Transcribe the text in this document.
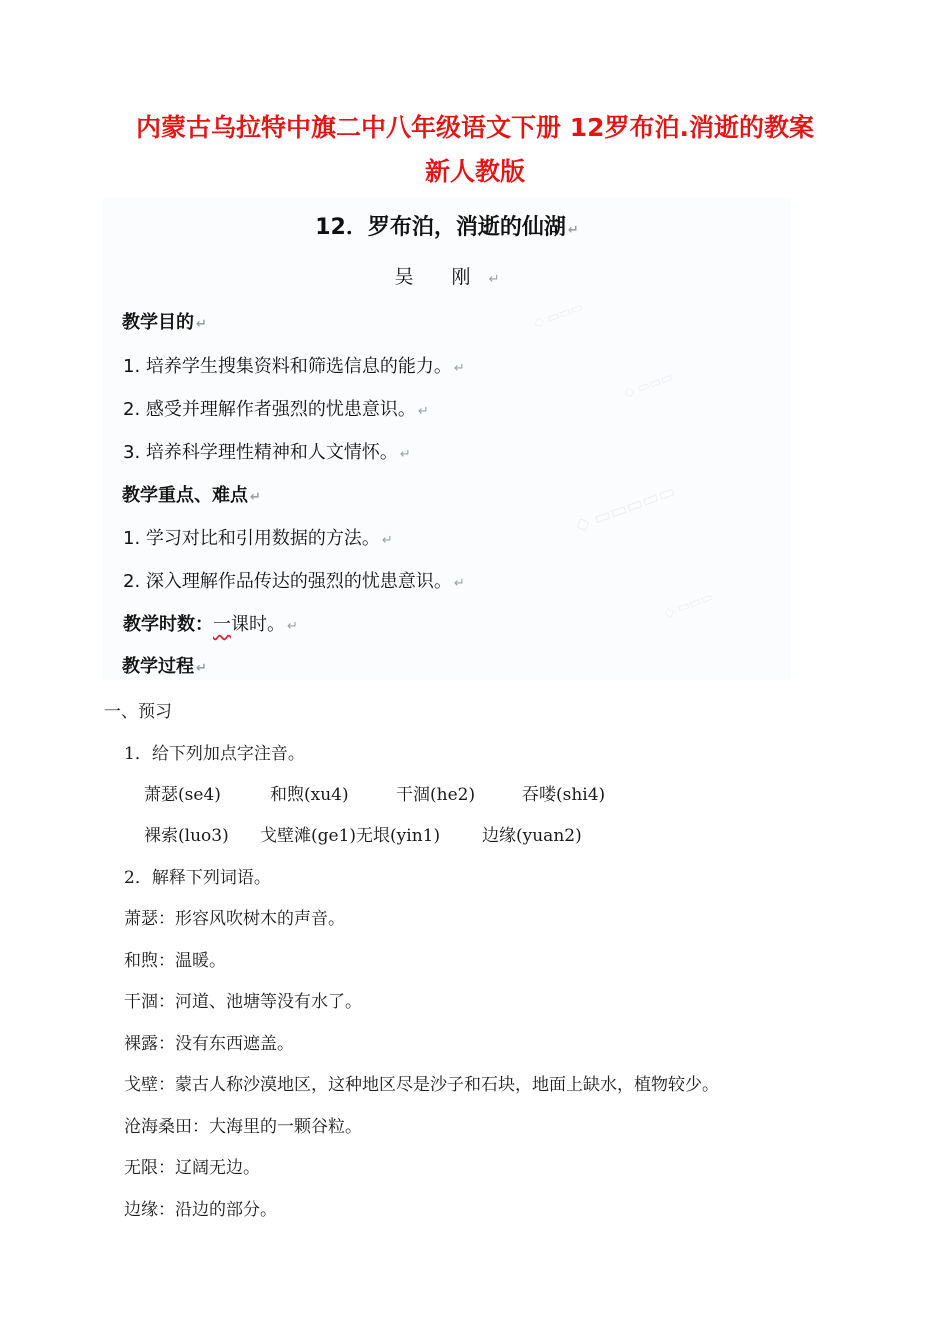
内蒙古乌拉特中旗二中八年级语文下册 12罗布泊.消逝的教案
新人教版
◇ ▭▭▭
◇ ▭▭▭
◇ ▭▭▭▭▭
◇ ▭▭▭
12．罗布泊，消逝的仙湖 ↵
吴 刚 ↵
教学目的 ↵
1. 培养学生搜集资料和筛选信息的能力。 ↵
2. 感受并理解作者强烈的忧患意识。 ↵
3. 培养科学理性精神和人文情怀。 ↵
教学重点、难点 ↵
1. 学习对比和引用数据的方法。 ↵
2. 深入理解作品传达的强烈的忧患意识。 ↵
教学时数：一课时。 ↵
教学过程 ↵

一、预习

1．给下列加点字注音。

萧瑟(se4)	和煦(xu4)	干涸(he2)	吞喽(shi4)
裸索(luo3) 戈壁滩(ge1)无垠(yin1) 边缘(yuan2)

2．解释下列词语。

萧瑟：形容风吹树木的声音。

和煦：温暖。

干涸：河道、池塘等没有水了。

裸露：没有东西遮盖。

戈壁：蒙古人称沙漠地区，这种地区尽是沙子和石块，地面上缺水，植物较少。

沧海桑田：大海里的一颗谷粒。

无限：辽阔无边。

边缘：沿边的部分。
